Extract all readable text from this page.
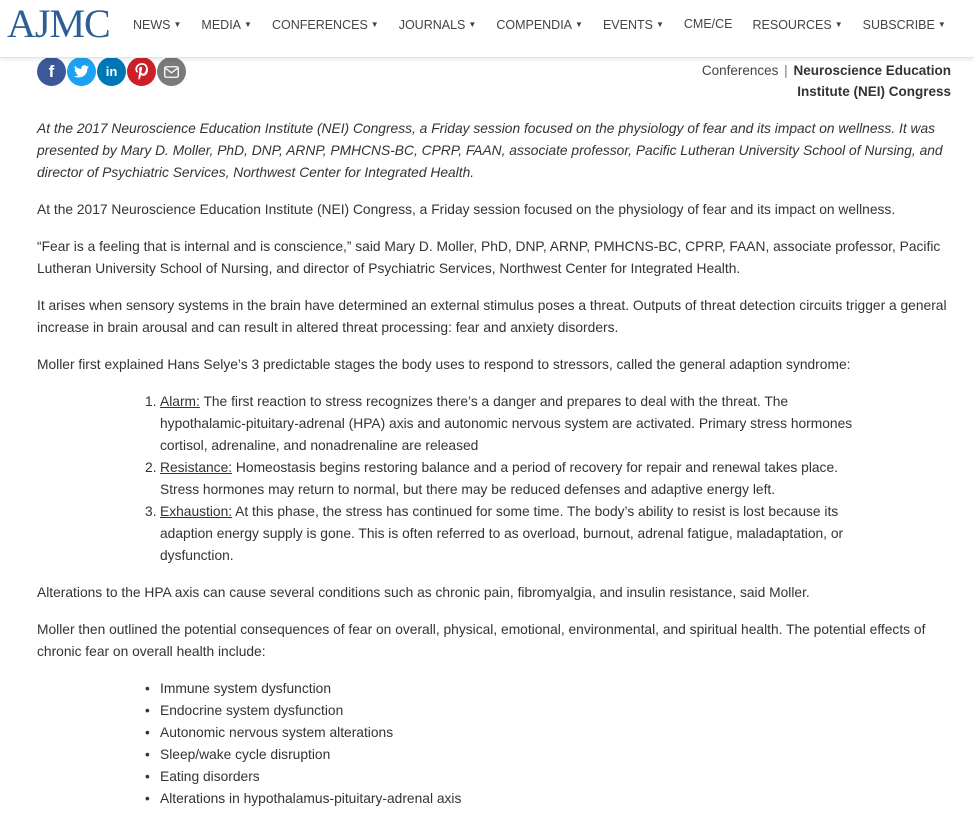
AJMC NEWS ▼ MEDIA ▼ CONFERENCES ▼ JOURNALS ▼ COMPENDIA ▼ EVENTS ▼ CME/CE RESOURCES ▼ SUBSCRIBE ▼
f	in	Conferences | Neuroscience Education Institute (NEI) Congress

At the 2017 Neuroscience Education Institute (NEI) Congress, a Friday session focused on the physiology of fear and its impact on wellness. It was presented by Mary D. Moller, PhD, DNP, ARNP, PMHCNS-BC, CPRP, FAAN, associate professor, Pacific Lutheran University School of Nursing, and director of Psychiatric Services, Northwest Center for Integrated Health.

At the 2017 Neuroscience Education Institute (NEI) Congress, a Friday session focused on the physiology of fear and its impact on wellness.

“Fear is a feeling that is internal and is conscience,” said Mary D. Moller, PhD, DNP, ARNP, PMHCNS-BC, CPRP, FAAN, associate professor, Pacific Lutheran University School of Nursing, and director of Psychiatric Services, Northwest Center for Integrated Health.

It arises when sensory systems in the brain have determined an external stimulus poses a threat. Outputs of threat detection circuits trigger a general increase in brain arousal and can result in altered threat processing: fear and anxiety disorders.

Moller first explained Hans Selye’s 3 predictable stages the body uses to respond to stressors, called the general adaption syndrome:

Alarm: The first reaction to stress recognizes there’s a danger and prepares to deal with the threat. The hypothalamic-pituitary-adrenal (HPA) axis and autonomic nervous system are activated. Primary stress hormones cortisol, adrenaline, and nonadrenaline are released
Resistance: Homeostasis begins restoring balance and a period of recovery for repair and renewal takes place. Stress hormones may return to normal, but there may be reduced defenses and adaptive energy left.
Exhaustion: At this phase, the stress has continued for some time. The body’s ability to resist is lost because its adaption energy supply is gone. This is often referred to as overload, burnout, adrenal fatigue, maladaptation, or dysfunction.

Alterations to the HPA axis can cause several conditions such as chronic pain, fibromyalgia, and insulin resistance, said Moller.

Moller then outlined the potential consequences of fear on overall, physical, emotional, environmental, and spiritual health. The potential effects of chronic fear on overall health include:

• Immune system dysfunction
• Endocrine system dysfunction
• Autonomic nervous system alterations
• Sleep/wake cycle disruption
• Eating disorders
• Alterations in hypothalamus-pituitary-adrenal axis
